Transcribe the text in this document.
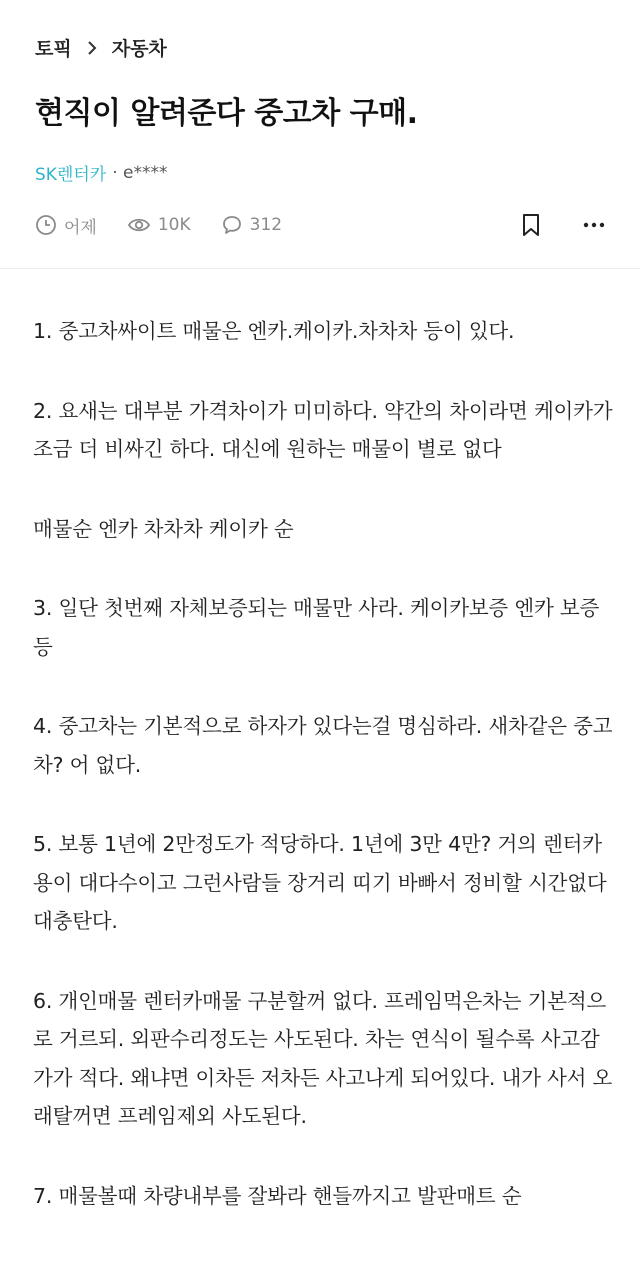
토픽 자동차
현직이 알려준다 중고차 구매.
SK렌터카 · e****
어제	10K	312

1. 중고차싸이트 매물은 엔카.케이카.차차차 등이 있다.

2. 요새는 대부분 가격차이가 미미하다. 약간의 차이라면 케이카가 조금 더 비싸긴 하다. 대신에 원하는 매물이 별로 없다

매물순 엔카 차차차 케이카 순

3. 일단 첫번째 자체보증되는 매물만 사라. 케이카보증 엔카 보증 등

4. 중고차는 기본적으로 하자가 있다는걸 명심하라. 새차같은 중고차? 어 없다.

5. 보통 1년에 2만정도가 적당하다. 1년에 3만 4만? 거의 렌터카용이 대다수이고 그런사람들 장거리 띠기 바빠서 정비할 시간없다 대충탄다.

6. 개인매물 렌터카매물 구분할꺼 없다. 프레임먹은차는 기본적으로 거르되. 외판수리정도는 사도된다. 차는 연식이 될수록 사고감가가 적다. 왜냐면 이차든 저차든 사고나게 되어있다. 내가 사서 오래탈꺼면 프레임제외 사도된다.

7. 매물볼때 차량내부를 잘봐라 핸들까지고 발판매트 순
